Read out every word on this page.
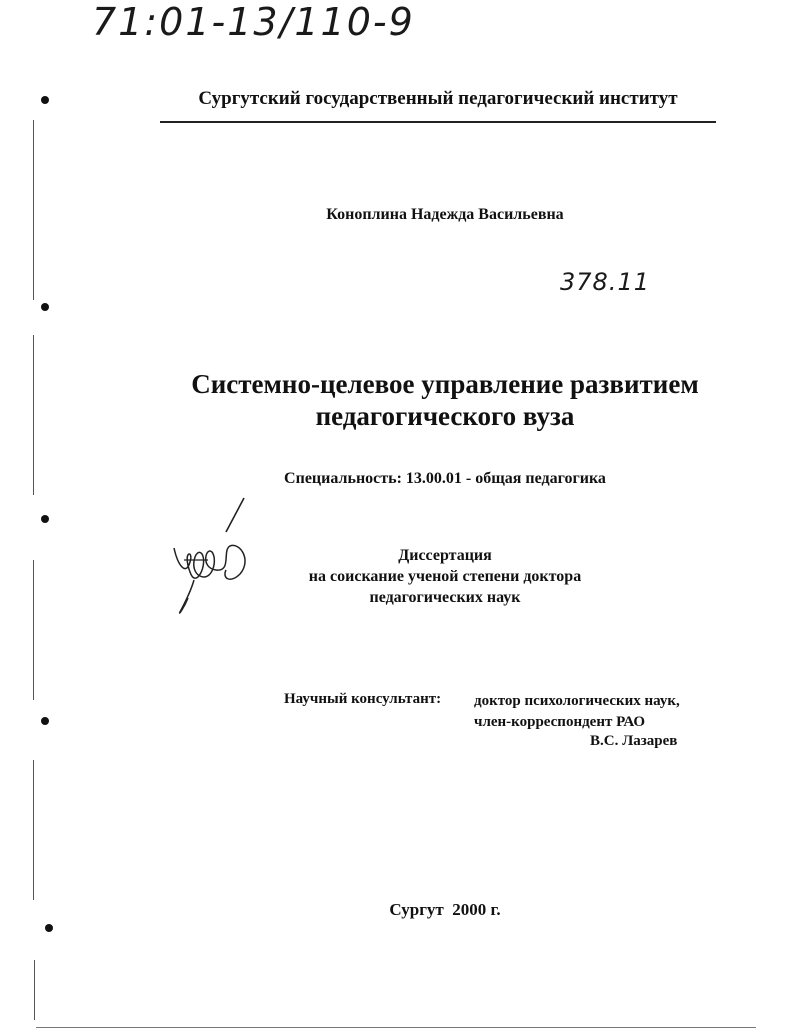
71:01-13/110-9
Сургутский государственный педагогический институт
Коноплина Надежда Васильевна
378.11
Системно-целевое управление развитием
педагогического вуза
Специальность: 13.00.01 - общая педагогика
Диссертация
на соискание ученой степени доктора
педагогических наук
Научный консультант: доктор психологических наук,
член-корреспондент РАО
В.С. Лазарев
Сургут  2000 г.
